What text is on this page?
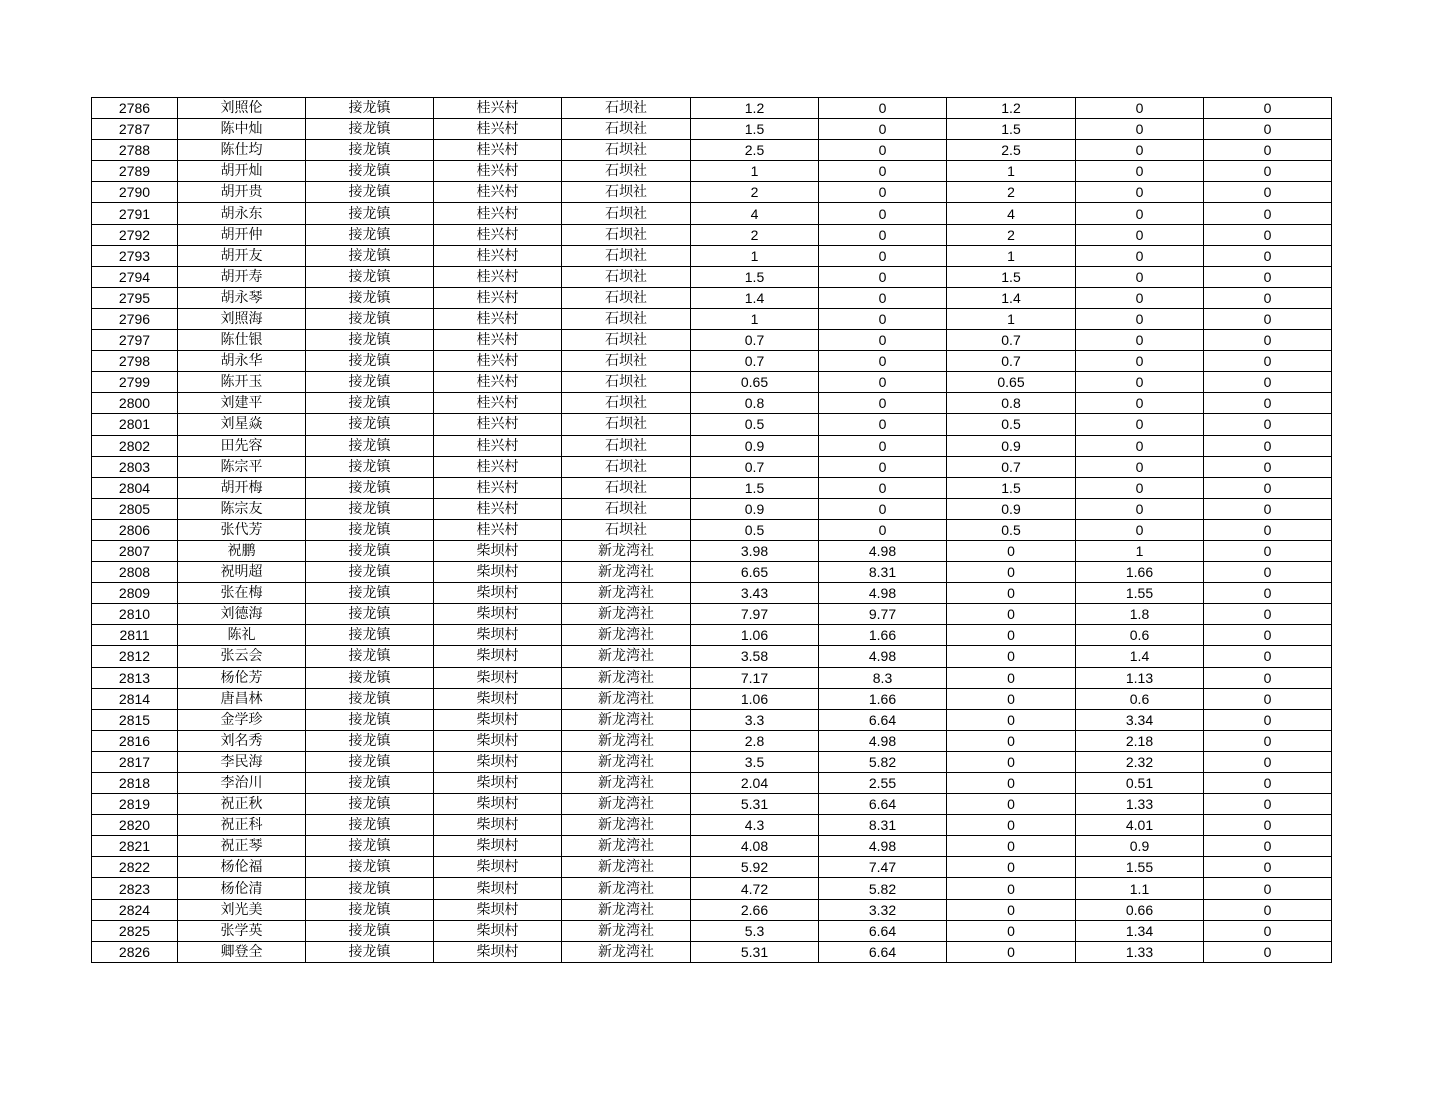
2786	刘照伦	接龙镇	桂兴村	石坝社	1.2	0	1.2	0	0
2787	陈中灿	接龙镇	桂兴村	石坝社	1.5	0	1.5	0	0
2788	陈仕均	接龙镇	桂兴村	石坝社	2.5	0	2.5	0	0
2789	胡开灿	接龙镇	桂兴村	石坝社	1	0	1	0	0
2790	胡开贵	接龙镇	桂兴村	石坝社	2	0	2	0	0
2791	胡永东	接龙镇	桂兴村	石坝社	4	0	4	0	0
2792	胡开仲	接龙镇	桂兴村	石坝社	2	0	2	0	0
2793	胡开友	接龙镇	桂兴村	石坝社	1	0	1	0	0
2794	胡开寿	接龙镇	桂兴村	石坝社	1.5	0	1.5	0	0
2795	胡永琴	接龙镇	桂兴村	石坝社	1.4	0	1.4	0	0
2796	刘照海	接龙镇	桂兴村	石坝社	1	0	1	0	0
2797	陈仕银	接龙镇	桂兴村	石坝社	0.7	0	0.7	0	0
2798	胡永华	接龙镇	桂兴村	石坝社	0.7	0	0.7	0	0
2799	陈开玉	接龙镇	桂兴村	石坝社	0.65	0	0.65	0	0
2800	刘建平	接龙镇	桂兴村	石坝社	0.8	0	0.8	0	0
2801	刘星焱	接龙镇	桂兴村	石坝社	0.5	0	0.5	0	0
2802	田先容	接龙镇	桂兴村	石坝社	0.9	0	0.9	0	0
2803	陈宗平	接龙镇	桂兴村	石坝社	0.7	0	0.7	0	0
2804	胡开梅	接龙镇	桂兴村	石坝社	1.5	0	1.5	0	0
2805	陈宗友	接龙镇	桂兴村	石坝社	0.9	0	0.9	0	0
2806	张代芳	接龙镇	桂兴村	石坝社	0.5	0	0.5	0	0
2807	祝鹏	接龙镇	柴坝村	新龙湾社	3.98	4.98	0	1	0
2808	祝明超	接龙镇	柴坝村	新龙湾社	6.65	8.31	0	1.66	0
2809	张在梅	接龙镇	柴坝村	新龙湾社	3.43	4.98	0	1.55	0
2810	刘德海	接龙镇	柴坝村	新龙湾社	7.97	9.77	0	1.8	0
2811	陈礼	接龙镇	柴坝村	新龙湾社	1.06	1.66	0	0.6	0
2812	张云会	接龙镇	柴坝村	新龙湾社	3.58	4.98	0	1.4	0
2813	杨伦芳	接龙镇	柴坝村	新龙湾社	7.17	8.3	0	1.13	0
2814	唐昌林	接龙镇	柴坝村	新龙湾社	1.06	1.66	0	0.6	0
2815	金学珍	接龙镇	柴坝村	新龙湾社	3.3	6.64	0	3.34	0
2816	刘名秀	接龙镇	柴坝村	新龙湾社	2.8	4.98	0	2.18	0
2817	李民海	接龙镇	柴坝村	新龙湾社	3.5	5.82	0	2.32	0
2818	李治川	接龙镇	柴坝村	新龙湾社	2.04	2.55	0	0.51	0
2819	祝正秋	接龙镇	柴坝村	新龙湾社	5.31	6.64	0	1.33	0
2820	祝正科	接龙镇	柴坝村	新龙湾社	4.3	8.31	0	4.01	0
2821	祝正琴	接龙镇	柴坝村	新龙湾社	4.08	4.98	0	0.9	0
2822	杨伦福	接龙镇	柴坝村	新龙湾社	5.92	7.47	0	1.55	0
2823	杨伦清	接龙镇	柴坝村	新龙湾社	4.72	5.82	0	1.1	0
2824	刘光美	接龙镇	柴坝村	新龙湾社	2.66	3.32	0	0.66	0
2825	张学英	接龙镇	柴坝村	新龙湾社	5.3	6.64	0	1.34	0
2826	卿登全	接龙镇	柴坝村	新龙湾社	5.31	6.64	0	1.33	0
